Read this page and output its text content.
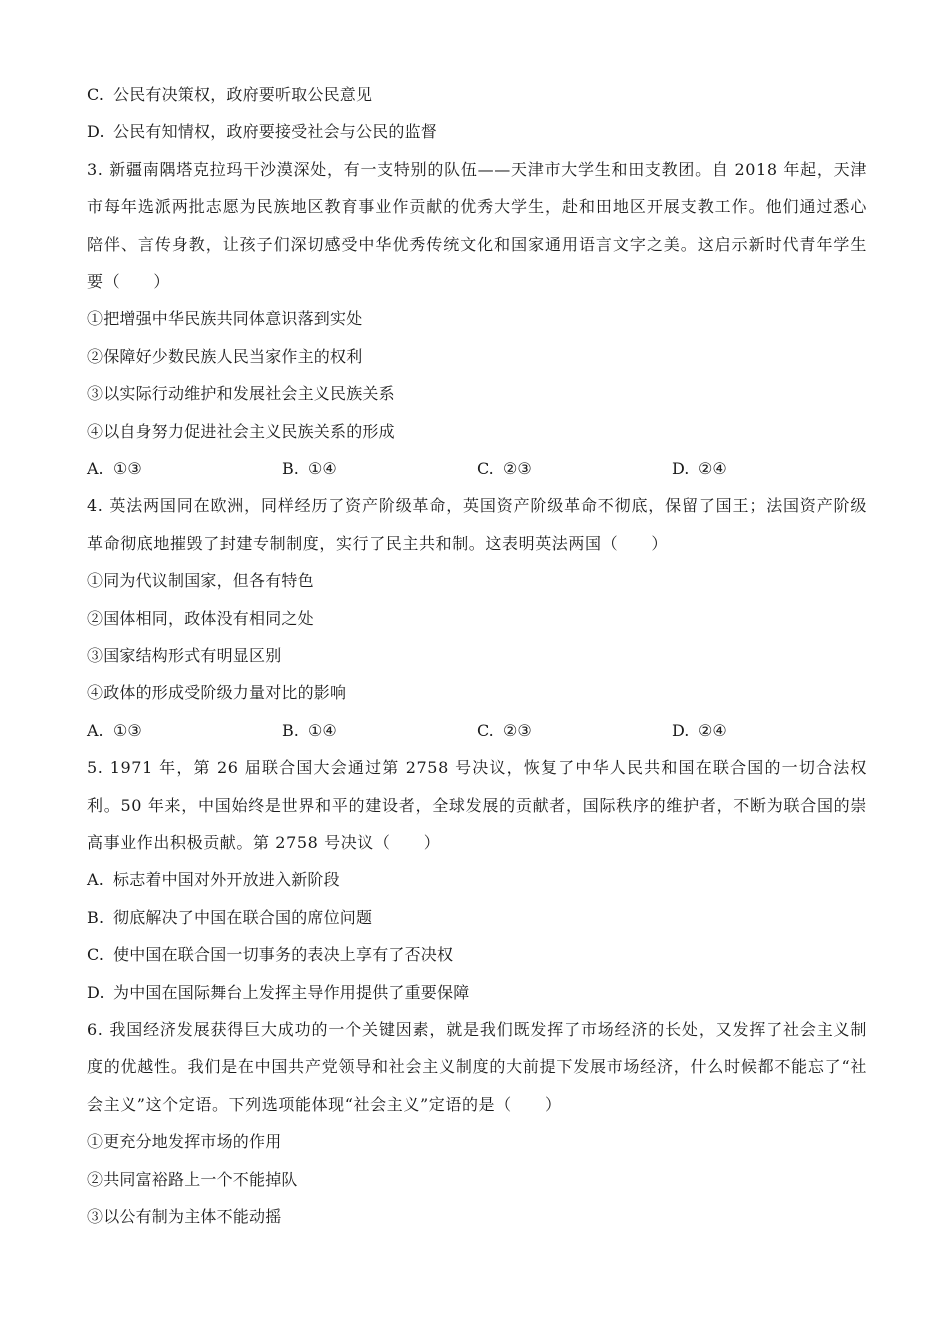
C. 公民有决策权，政府要听取公民意见
D. 公民有知情权，政府要接受社会与公民的监督
3. 新疆南隅塔克拉玛干沙漠深处，有一支特别的队伍——天津市大学生和田支教团。自 2018 年起，天津市每年选派两批志愿为民族地区教育事业作贡献的优秀大学生，赴和田地区开展支教工作。他们通过悉心陪伴、言传身教，让孩子们深切感受中华优秀传统文化和国家通用语言文字之美。这启示新时代青年学生要（　　）
①把增强中华民族共同体意识落到实处
②保障好少数民族人民当家作主的权利
③以实际行动维护和发展社会主义民族关系
④以自身努力促进社会主义民族关系的形成
A. ①③	B. ①④	C. ②③	D. ②④
4. 英法两国同在欧洲，同样经历了资产阶级革命，英国资产阶级革命不彻底，保留了国王；法国资产阶级革命彻底地摧毁了封建专制制度，实行了民主共和制。这表明英法两国（　　）
①同为代议制国家，但各有特色
②国体相同，政体没有相同之处
③国家结构形式有明显区别
④政体的形成受阶级力量对比的影响
A. ①③	B. ①④	C. ②③	D. ②④
5. 1971 年，第 26 届联合国大会通过第 2758 号决议，恢复了中华人民共和国在联合国的一切合法权利。50 年来，中国始终是世界和平的建设者，全球发展的贡献者，国际秩序的维护者，不断为联合国的崇高事业作出积极贡献。第 2758 号决议（　　）
A. 标志着中国对外开放进入新阶段
B. 彻底解决了中国在联合国的席位问题
C. 使中国在联合国一切事务的表决上享有了否决权
D. 为中国在国际舞台上发挥主导作用提供了重要保障
6. 我国经济发展获得巨大成功的一个关键因素，就是我们既发挥了市场经济的长处，又发挥了社会主义制度的优越性。我们是在中国共产党领导和社会主义制度的大前提下发展市场经济，什么时候都不能忘了“社会主义”这个定语。下列选项能体现“社会主义”定语的是（　　）
①更充分地发挥市场的作用
②共同富裕路上一个不能掉队
③以公有制为主体不能动摇
